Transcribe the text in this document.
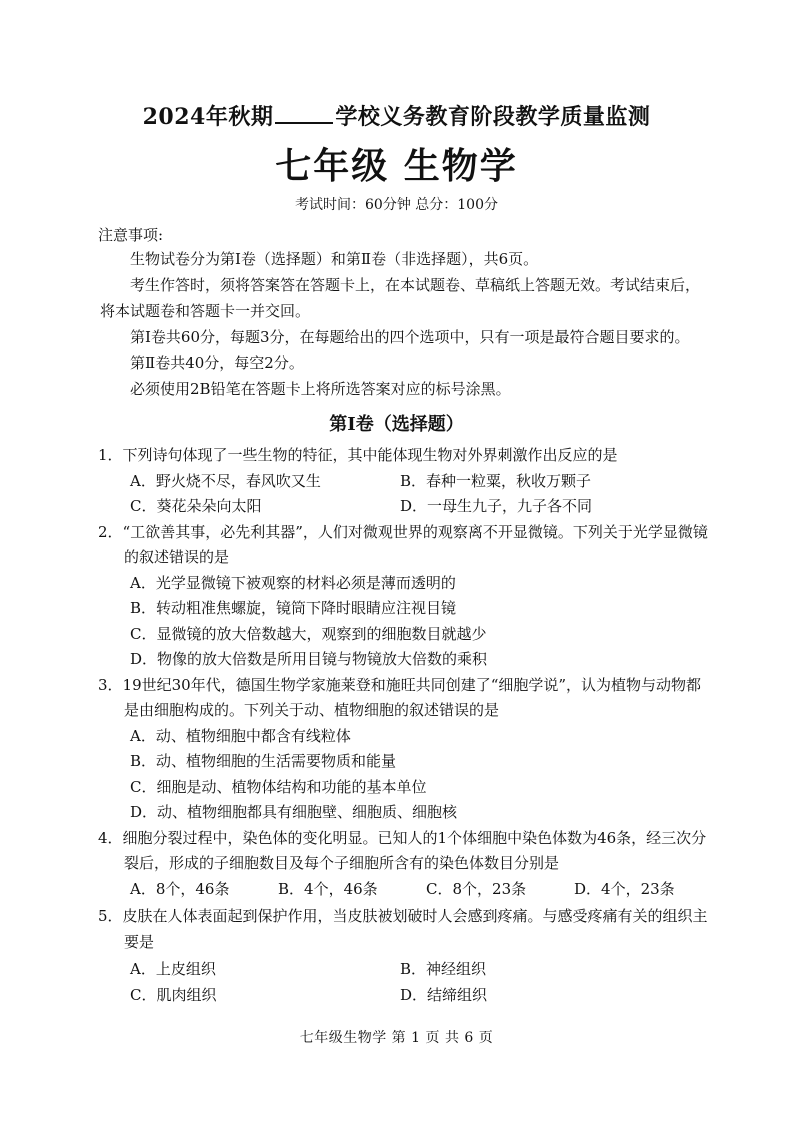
2024年秋期	学校义务教育阶段教学质量监测
七年级 生物学
考试时间：60分钟 总分：100分
注意事项:
生物试卷分为第Ⅰ卷（选择题）和第Ⅱ卷（非选择题），共6页。
考生作答时，须将答案答在答题卡上，在本试题卷、草稿纸上答题无效。考试结束后，将本试题卷和答题卡一并交回。
第Ⅰ卷共60分，每题3分，在每题给出的四个选项中，只有一项是最符合题目要求的。
第Ⅱ卷共40分，每空2分。
必须使用2B铅笔在答题卡上将所选答案对应的标号涂黑。
第Ⅰ卷（选择题）
1．下列诗句体现了一些生物的特征，其中能体现生物对外界刺激作出反应的是
A．野火烧不尽，春风吹又生	B．春种一粒粟，秋收万颗子
C．葵花朵朵向太阳	D．一母生九子，九子各不同
2．“工欲善其事，必先利其器”，人们对微观世界的观察离不开显微镜。下列关于光学显微镜的叙述错误的是
A．光学显微镜下被观察的材料必须是薄而透明的
B．转动粗准焦螺旋，镜筒下降时眼睛应注视目镜
C．显微镜的放大倍数越大，观察到的细胞数目就越少
D．物像的放大倍数是所用目镜与物镜放大倍数的乘积
3．19世纪30年代，德国生物学家施莱登和施旺共同创建了“细胞学说”，认为植物与动物都是由细胞构成的。下列关于动、植物细胞的叙述错误的是
A．动、植物细胞中都含有线粒体
B．动、植物细胞的生活需要物质和能量
C．细胞是动、植物体结构和功能的基本单位
D．动、植物细胞都具有细胞壁、细胞质、细胞核
4．细胞分裂过程中，染色体的变化明显。已知人的1个体细胞中染色体数为46条，经三次分裂后，形成的子细胞数目及每个子细胞所含有的染色体数目分别是
A．8个，46条	B．4个，46条	C．8个，23条	D．4个，23条
5．皮肤在人体表面起到保护作用，当皮肤被划破时人会感到疼痛。与感受疼痛有关的组织主要是
A．上皮组织	B．神经组织
C．肌肉组织	D．结缔组织
七年级生物学 第 1 页 共 6 页
